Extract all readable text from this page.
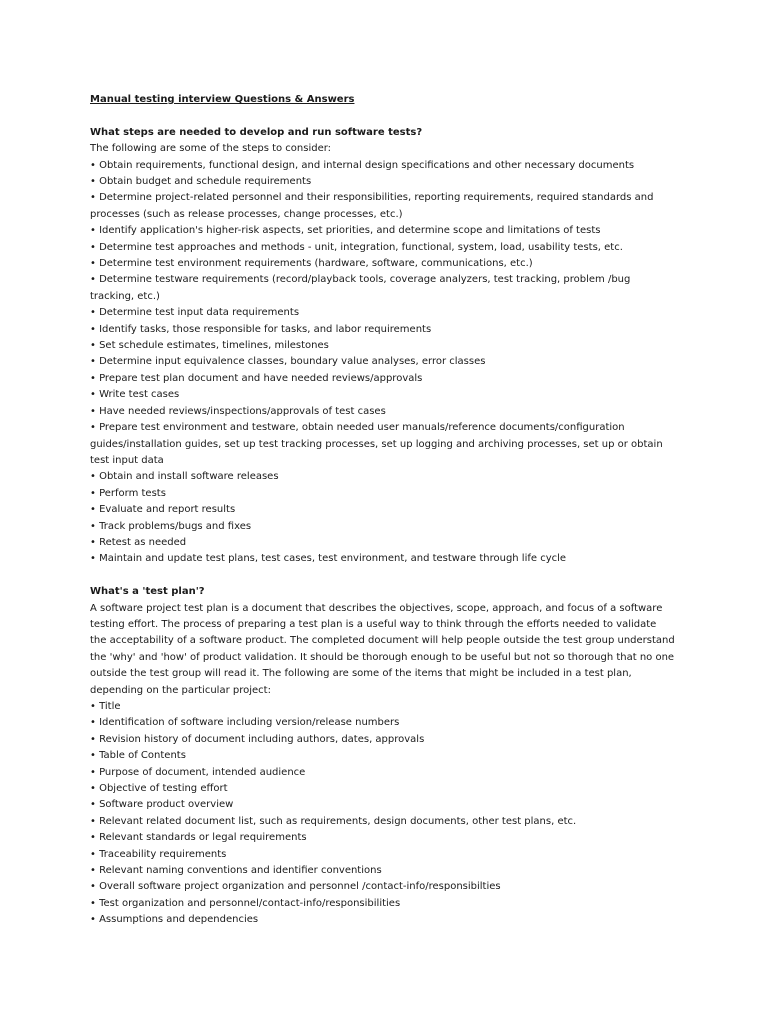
Manual testing interview Questions & Answers

What steps are needed to develop and run software tests?

The following are some of the steps to consider:

• Obtain requirements, functional design, and internal design specifications and other necessary documents
• Obtain budget and schedule requirements
• Determine project-related personnel and their responsibilities, reporting requirements, required standards and processes (such as release processes, change processes, etc.)
• Identify application's higher-risk aspects, set priorities, and determine scope and limitations of tests
• Determine test approaches and methods - unit, integration, functional, system, load, usability tests, etc.
• Determine test environment requirements (hardware, software, communications, etc.)
• Determine testware requirements (record/playback tools, coverage analyzers, test tracking, problem /bug tracking, etc.)
• Determine test input data requirements
• Identify tasks, those responsible for tasks, and labor requirements
• Set schedule estimates, timelines, milestones
• Determine input equivalence classes, boundary value analyses, error classes
• Prepare test plan document and have needed reviews/approvals
• Write test cases
• Have needed reviews/inspections/approvals of test cases
• Prepare test environment and testware, obtain needed user manuals/reference documents/configuration guides/installation guides, set up test tracking processes, set up logging and archiving processes, set up or obtain test input data
• Obtain and install software releases
• Perform tests
• Evaluate and report results
• Track problems/bugs and fixes
• Retest as needed
• Maintain and update test plans, test cases, test environment, and testware through life cycle

What's a 'test plan'?

A software project test plan is a document that describes the objectives, scope, approach, and focus of a software testing effort. The process of preparing a test plan is a useful way to think through the efforts needed to validate the acceptability of a software product. The completed document will help people outside the test group understand the 'why' and 'how' of product validation. It should be thorough enough to be useful but not so thorough that no one outside the test group will read it. The following are some of the items that might be included in a test plan, depending on the particular project:

• Title
• Identification of software including version/release numbers
• Revision history of document including authors, dates, approvals
• Table of Contents
• Purpose of document, intended audience
• Objective of testing effort
• Software product overview
• Relevant related document list, such as requirements, design documents, other test plans, etc.
• Relevant standards or legal requirements
• Traceability requirements
• Relevant naming conventions and identifier conventions
• Overall software project organization and personnel /contact-info/responsibilties
• Test organization and personnel/contact-info/responsibilities
• Assumptions and dependencies
